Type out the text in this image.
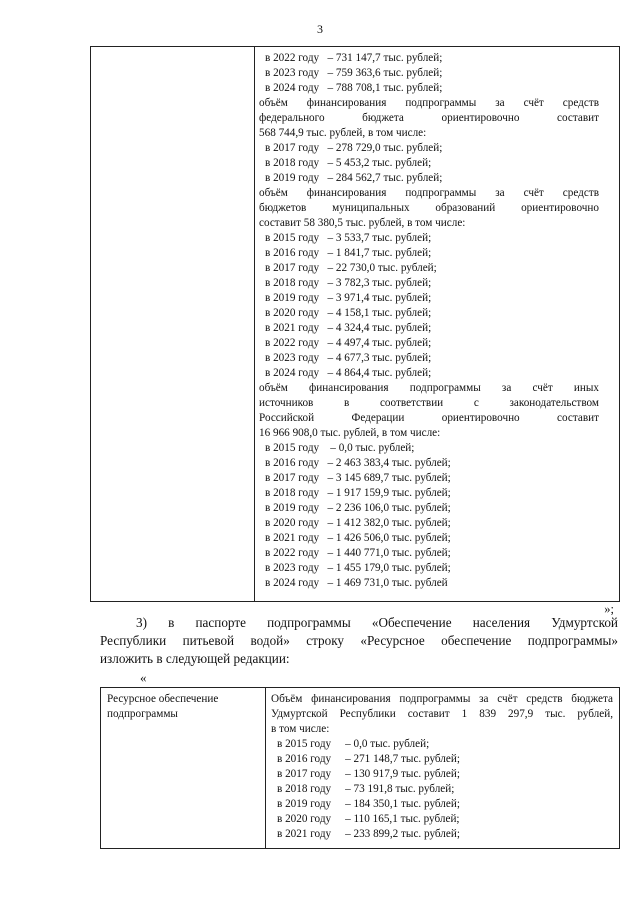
3
в 2022 году   – 731 147,7 тыс. рублей;
в 2023 году   – 759 363,6 тыс. рублей;
в 2024 году   – 788 708,1 тыс. рублей;
объём финансирования подпрограммы за счёт средств
федерального бюджета ориентировочно составит
568 744,9 тыс. рублей, в том числе:
в 2017 году   – 278 729,0 тыс. рублей;
в 2018 году   – 5 453,2 тыс. рублей;
в 2019 году   – 284 562,7 тыс. рублей;
объём финансирования подпрограммы за счёт средств
бюджетов муниципальных образований ориентировочно
составит 58 380,5 тыс. рублей, в том числе:
в 2015 году   – 3 533,7 тыс. рублей;
в 2016 году   – 1 841,7 тыс. рублей;
в 2017 году   – 22 730,0 тыс. рублей;
в 2018 году   – 3 782,3 тыс. рублей;
в 2019 году   – 3 971,4 тыс. рублей;
в 2020 году   – 4 158,1 тыс. рублей;
в 2021 году   – 4 324,4 тыс. рублей;
в 2022 году   – 4 497,4 тыс. рублей;
в 2023 году   – 4 677,3 тыс. рублей;
в 2024 году   – 4 864,4 тыс. рублей;
объём финансирования подпрограммы за счёт иных
источников в соответствии с законодательством
Российской Федерации ориентировочно составит
16 966 908,0 тыс. рублей, в том числе:
в 2015 году    – 0,0 тыс. рублей;
в 2016 году   – 2 463 383,4 тыс. рублей;
в 2017 году   – 3 145 689,7 тыс. рублей;
в 2018 году   – 1 917 159,9 тыс. рублей;
в 2019 году   – 2 236 106,0 тыс. рублей;
в 2020 году   – 1 412 382,0 тыс. рублей;
в 2021 году   – 1 426 506,0 тыс. рублей;
в 2022 году   – 1 440 771,0 тыс. рублей;
в 2023 году   – 1 455 179,0 тыс. рублей;
в 2024 году   – 1 469 731,0 тыс. рублей
»;
3) в паспорте подпрограммы «Обеспечение населения Удмуртской
Республики питьевой водой» строку «Ресурсное обеспечение подпрограммы»
изложить в следующей редакции:
«
Ресурсное обеспечение
подпрограммы
Объём финансирования подпрограммы за счёт средств бюджета
Удмуртской Республики составит 1 839 297,9 тыс. рублей,
в том числе:
в 2015 году     – 0,0 тыс. рублей;
в 2016 году     – 271 148,7 тыс. рублей;
в 2017 году     – 130 917,9 тыс. рублей;
в 2018 году     – 73 191,8 тыс. рублей;
в 2019 году     – 184 350,1 тыс. рублей;
в 2020 году     – 110 165,1 тыс. рублей;
в 2021 году     – 233 899,2 тыс. рублей;
